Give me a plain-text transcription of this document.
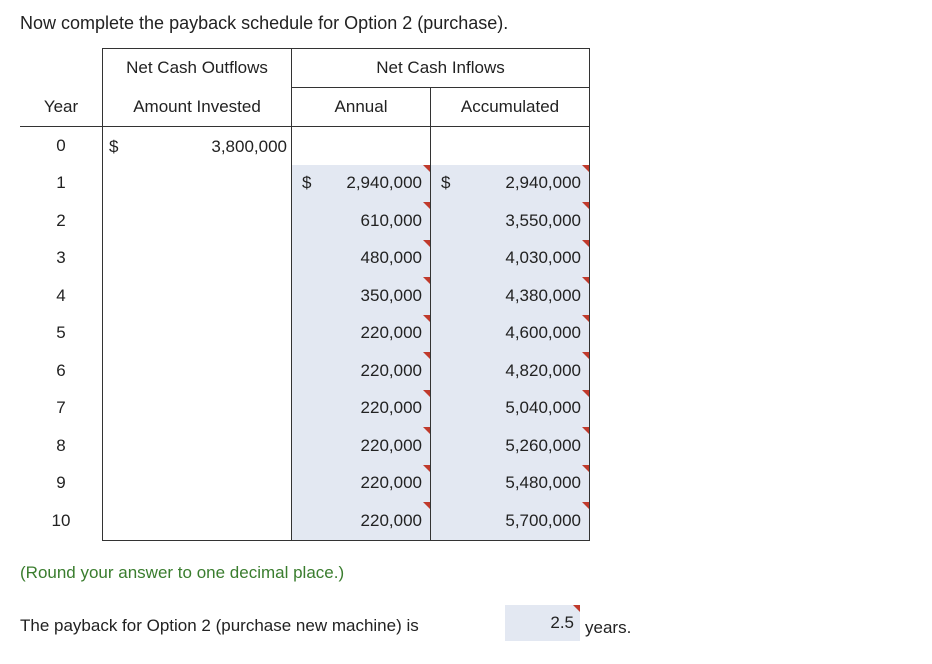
Now complete the payback schedule for Option 2 (purchase).
	Net Cash Outflows	Net Cash Inflows	
Year	Amount Invested	Annual	Accumulated
0	$ 3,800,000		

1		$ 2,940,000	$ 2,940,000

2		610,000	3,550,000

3		480,000	4,030,000

4		350,000	4,380,000

5		220,000	4,600,000

6		220,000	4,820,000

7		220,000	5,040,000

8		220,000	5,260,000

9		220,000	5,480,000

10		220,000	5,700,000
(Round your answer to one decimal place.)
The payback for Option 2 (purchase new machine) is	2.5 years.
